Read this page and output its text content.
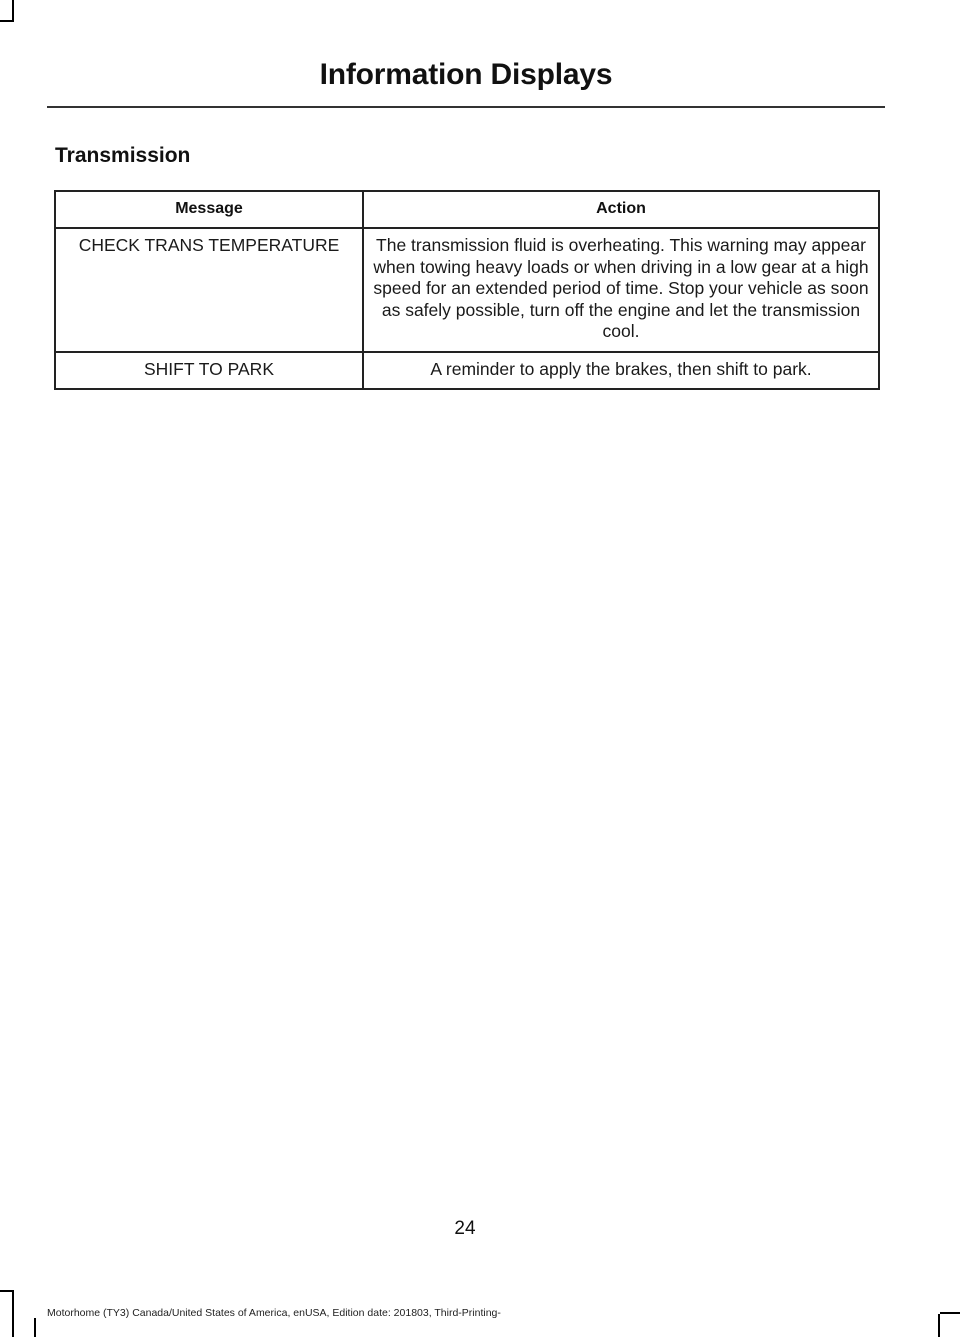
Information Displays
Transmission
Message	Action
CHECK TRANS TEMPERATURE	The transmission fluid is overheating. This warning may appear when towing heavy loads or when driving in a low gear at a high speed for an extended period of time. Stop your vehicle as soon as safely possible, turn off the engine and let the transmission cool.
SHIFT TO PARK	A reminder to apply the brakes, then shift to park.
24
Motorhome (TY3) Canada/United States of America, enUSA, Edition date: 201803, Third-Printing-
